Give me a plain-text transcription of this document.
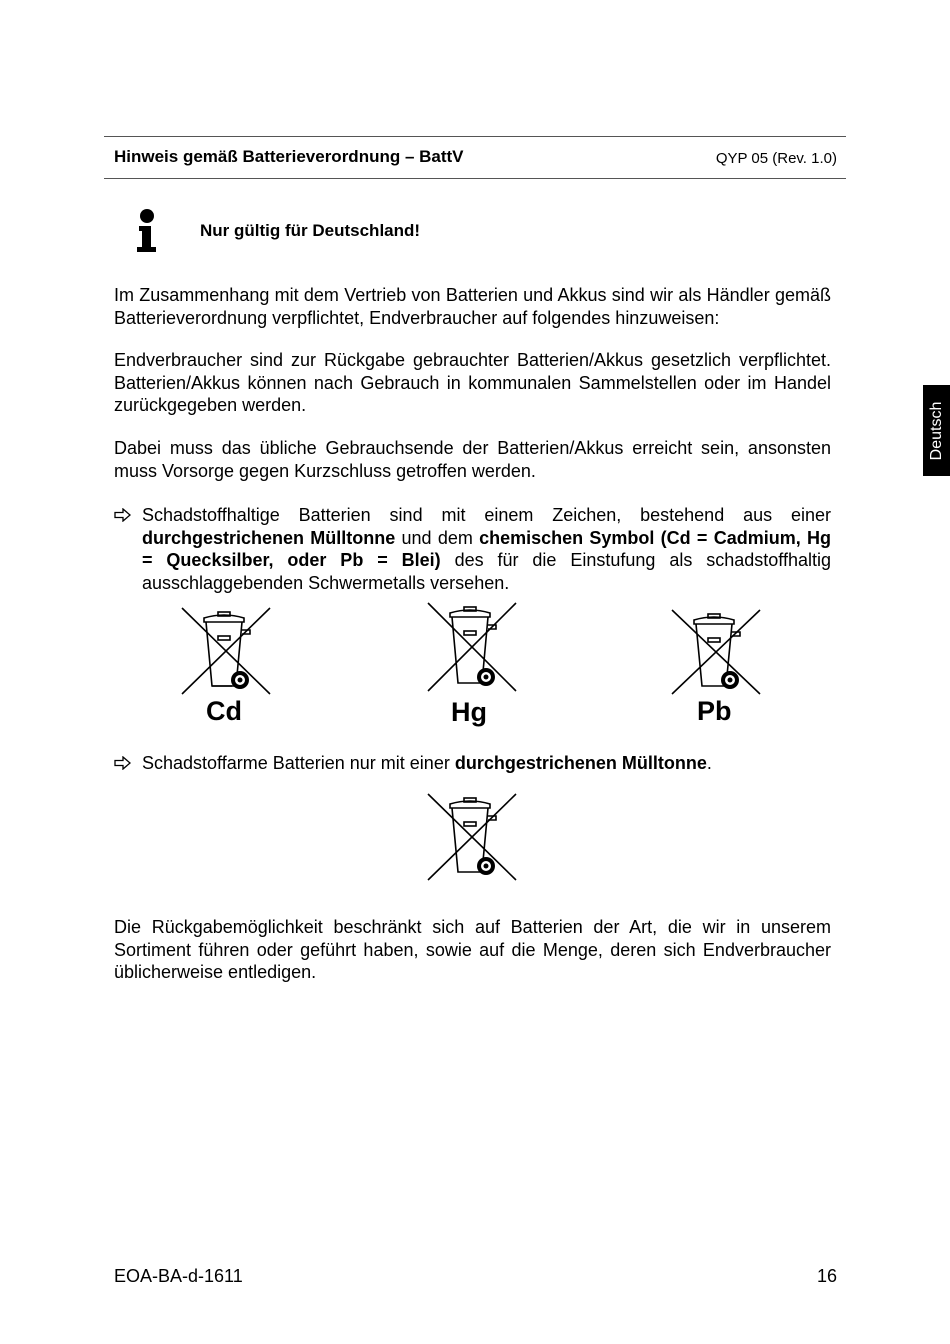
Hinweis gemäß Batterieverordnung – BattV	QYP 05 (Rev. 1.0)
Nur gültig für Deutschland!

Im Zusammenhang mit dem Vertrieb von Batterien und Akkus sind wir als Händler gemäß Batterieverordnung verpflichtet, Endverbraucher auf folgendes hinzuweisen:

Endverbraucher sind zur Rückgabe gebrauchter Batterien/Akkus gesetzlich verpflichtet. Batterien/Akkus können nach Gebrauch in kommunalen Sammelstellen oder im Handel zurückgegeben werden.

Dabei muss das übliche Gebrauchsende der Batterien/Akkus erreicht sein, ansonsten muss Vorsorge gegen Kurzschluss getroffen werden.

Schadstoffhaltige Batterien sind mit einem Zeichen, bestehend aus einer durchgestrichenen Mülltonne und dem chemischen Symbol (Cd = Cadmium, Hg = Quecksilber, oder Pb = Blei) des für die Einstufung als schadstoffhaltig ausschlaggebenden Schwermetalls versehen.
Cd	Hg	Pb
Schadstoffarme Batterien nur mit einer durchgestrichenen Mülltonne.

Die Rückgabemöglichkeit beschränkt sich auf Batterien der Art, die wir in unserem Sortiment führen oder geführt haben, sowie auf die Menge, deren sich Endverbraucher üblicherweise entledigen.

Deutsch
EOA-BA-d-1611	16
